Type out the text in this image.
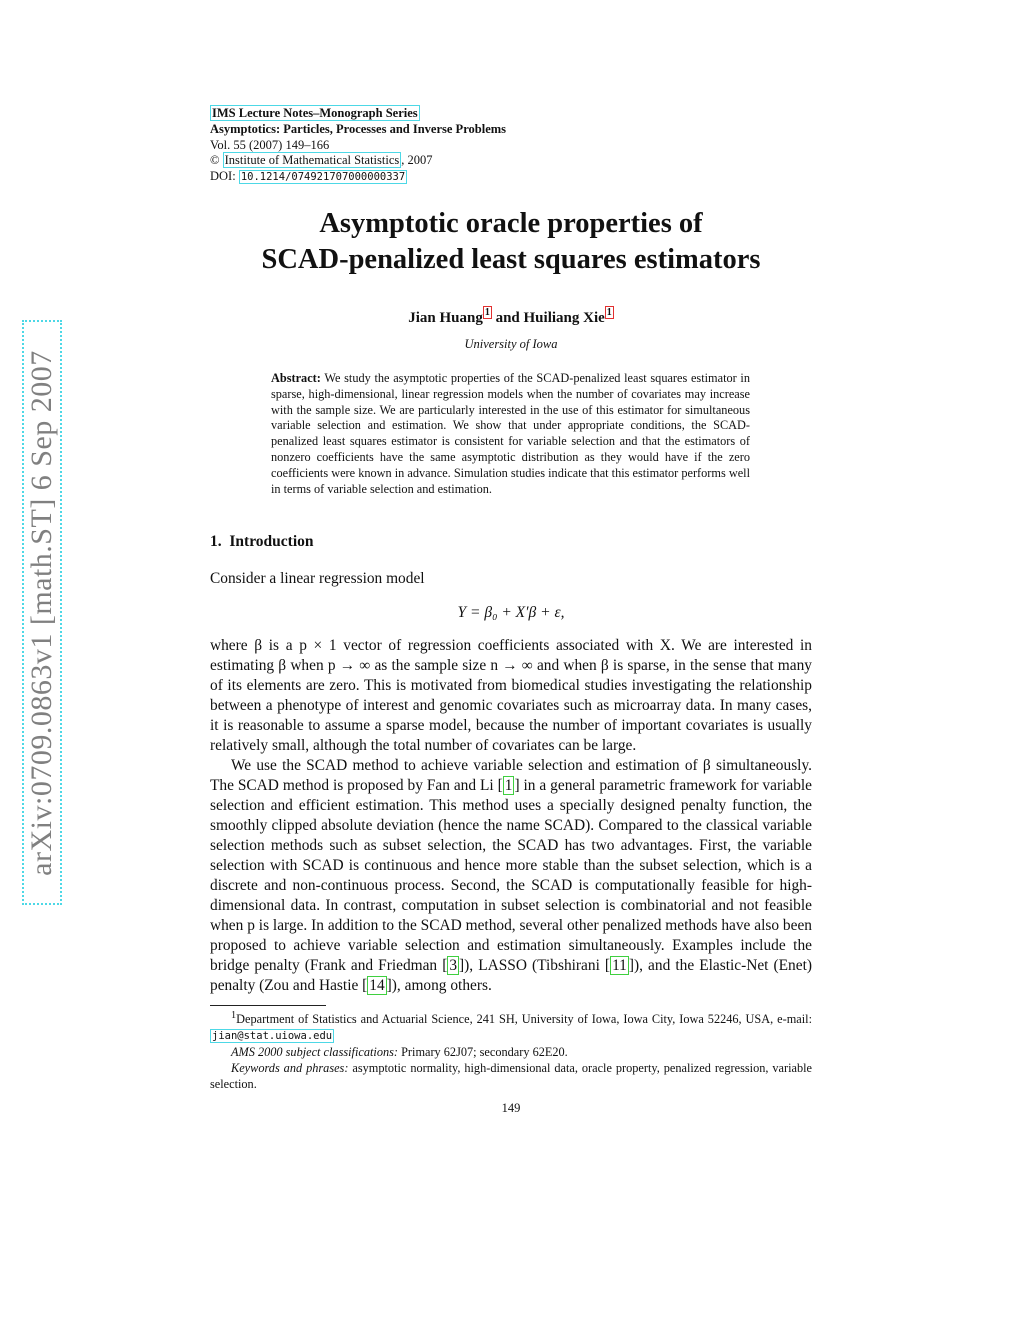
arXiv:0709.0863v1 [math.ST] 6 Sep 2007
IMS Lecture Notes–Monograph Series
Asymptotics: Particles, Processes and Inverse Problems
Vol. 55 (2007) 149–166
© Institute of Mathematical Statistics , 2007
DOI: 10.1214/074921707000000337
Asymptotic oracle properties of
SCAD-penalized least squares estimators
Jian Huang 1 and Huiliang Xie 1
University of Iowa
Abstract: We study the asymptotic properties of the SCAD-penalized least squares estimator in sparse, high-dimensional, linear regression models when the number of covariates may increase with the sample size. We are particularly interested in the use of this estimator for simultaneous variable selection and estimation. We show that under appropriate conditions, the SCAD-penalized least squares estimator is consistent for variable selection and that the estimators of nonzero coefficients have the same asymptotic distribution as they would have if the zero coefficients were known in advance. Simulation studies indicate that this estimator performs well in terms of variable selection and estimation.
1.  Introduction
Consider a linear regression model
Y = β₀ + X′β + ε,
where β is a p × 1 vector of regression coefficients associated with X. We are interested in estimating β when p → ∞ as the sample size n → ∞ and when β is sparse, in the sense that many of its elements are zero. This is motivated from biomedical studies investigating the relationship between a phenotype of interest and genomic covariates such as microarray data. In many cases, it is reasonable to assume a sparse model, because the number of important covariates is usually relatively small, although the total number of covariates can be large.
We use the SCAD method to achieve variable selection and estimation of β simultaneously. The SCAD method is proposed by Fan and Li [ 1 ] in a general parametric framework for variable selection and efficient estimation. This method uses a specially designed penalty function, the smoothly clipped absolute deviation (hence the name SCAD). Compared to the classical variable selection methods such as subset selection, the SCAD has two advantages. First, the variable selection with SCAD is continuous and hence more stable than the subset selection, which is a discrete and non-continuous process. Second, the SCAD is computationally feasible for high-dimensional data. In contrast, computation in subset selection is combinatorial and not feasible when p is large. In addition to the SCAD method, several other penalized methods have also been proposed to achieve variable selection and estimation simultaneously. Examples include the bridge penalty (Frank and Friedman [ 3 ]), LASSO (Tibshirani [ 11 ]), and the Elastic-Net (Enet) penalty (Zou and Hastie [ 14 ]), among others.
$^1$Department of Statistics and Actuarial Science, 241 SH, University of Iowa, Iowa City, Iowa 52246, USA, e-mail: jian@stat.uiowa.edu
AMS 2000 subject classifications: Primary 62J07; secondary 62E20.
Keywords and phrases: asymptotic normality, high-dimensional data, oracle property, penalized regression, variable selection.
149
